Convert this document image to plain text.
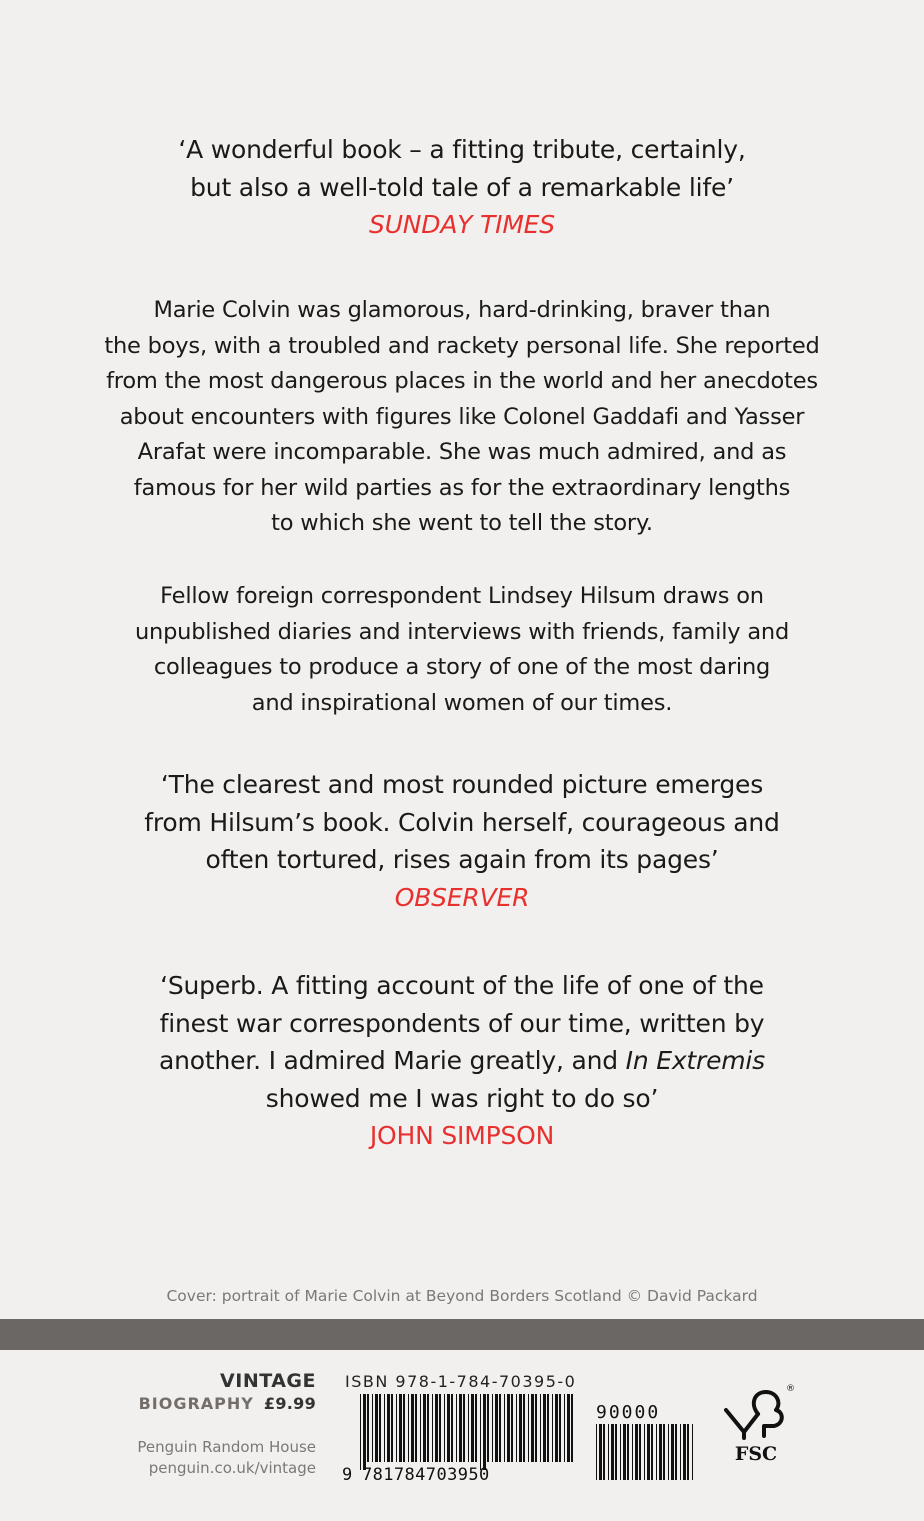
‘A wonderful book – a fitting tribute, certainly,
but also a well-told tale of a remarkable life’
SUNDAY TIMES
Marie Colvin was glamorous, hard-drinking, braver than
the boys, with a troubled and rackety personal life. She reported
from the most dangerous places in the world and her anecdotes
about encounters with figures like Colonel Gaddafi and Yasser
Arafat were incomparable. She was much admired, and as
famous for her wild parties as for the extraordinary lengths
to which she went to tell the story.
Fellow foreign correspondent Lindsey Hilsum draws on
unpublished diaries and interviews with friends, family and
colleagues to produce a story of one of the most daring
and inspirational women of our times.
‘The clearest and most rounded picture emerges
from Hilsum’s book. Colvin herself, courageous and
often tortured, rises again from its pages’
OBSERVER
‘Superb. A fitting account of the life of one of the
finest war correspondents of our time, written by
another. I admired Marie greatly, and In Extremis
showed me I was right to do so’
JOHN SIMPSON
Cover: portrait of Marie Colvin at Beyond Borders Scotland © David Packard
VINTAGE
BIOGRAPHY £9.99
Penguin Random House
penguin.co.uk/vintage
ISBN 978-1-784-70395-0
9 781784703950
90000
®
FSC
